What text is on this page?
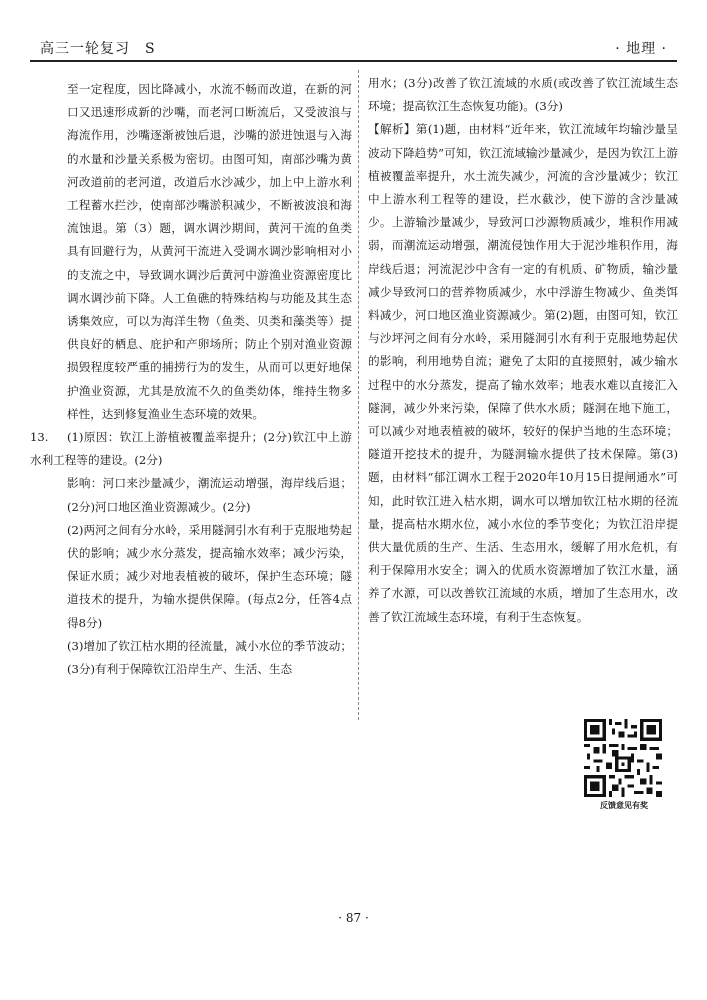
高三一轮复习　S	· 地理 ·

至一定程度，因比降减小，水流不畅而改道，在新的河口又迅速形成新的沙嘴，而老河口断流后，又受波浪与海流作用，沙嘴逐渐被蚀后退，沙嘴的淤进蚀退与入海的水量和沙量关系极为密切。由图可知，南部沙嘴为黄河改道前的老河道，改道后水沙减少，加上中上游水利工程蓄水拦沙，使南部沙嘴淤积减少，不断被波浪和海流蚀退。第（3）题，调水调沙期间，黄河干流的鱼类具有回避行为，从黄河干流进入受调水调沙影响相对小的支流之中，导致调水调沙后黄河中游渔业资源密度比调水调沙前下降。人工鱼礁的特殊结构与功能及其生态诱集效应，可以为海洋生物（鱼类、贝类和藻类等）提供良好的栖息、庇护和产卵场所；防止个别对渔业资源损毁程度较严重的捕捞行为的发生，从而可以更好地保护渔业资源，尤其是放流不久的鱼类幼体，维持生物多样性，达到修复渔业生态环境的效果。

13. (1)原因：钦江上游植被覆盖率提升；(2分)钦江中上游水利工程等的建设。(2分)

影响：河口来沙量减少，潮流运动增强，海岸线后退；(2分)河口地区渔业资源减少。(2分)

(2)两河之间有分水岭，采用隧洞引水有利于克服地势起伏的影响；减少水分蒸发，提高输水效率；减少污染，保证水质；减少对地表植被的破坏，保护生态环境；隧道技术的提升，为输水提供保障。(每点2分，任答4点得8分)

(3)增加了钦江枯水期的径流量，减小水位的季节波动；(3分)有利于保障钦江沿岸生产、生活、生态

用水；(3分)改善了钦江流域的水质(或改善了钦江流域生态环境；提高钦江生态恢复功能)。(3分)

【解析】第(1)题，由材料“近年来，钦江流域年均输沙量呈波动下降趋势”可知，钦江流域输沙量减少，是因为钦江上游植被覆盖率提升，水土流失减少，河流的含沙量减少；钦江中上游水利工程等的建设，拦水截沙，使下游的含沙量减少。上游输沙量减少，导致河口沙源物质减少，堆积作用减弱，而潮流运动增强，潮流侵蚀作用大于泥沙堆积作用，海岸线后退；河流泥沙中含有一定的有机质、矿物质，输沙量减少导致河口的营养物质减少，水中浮游生物减少、鱼类饵料减少，河口地区渔业资源减少。第(2)题，由图可知，钦江与沙坪河之间有分水岭，采用隧洞引水有利于克服地势起伏的影响，利用地势自流；避免了太阳的直接照射，减少输水过程中的水分蒸发，提高了输水效率；地表水难以直接汇入隧洞，减少外来污染，保障了供水水质；隧洞在地下施工，可以减少对地表植被的破坏，较好的保护当地的生态环境；隧道开挖技术的提升，为隧洞输水提供了技术保障。第(3)题，由材料“郁江调水工程于2020年10月15日提闸通水”可知，此时钦江进入枯水期，调水可以增加钦江枯水期的径流量，提高枯水期水位，减小水位的季节变化；为钦江沿岸提供大量优质的生产、生活、生态用水，缓解了用水危机，有利于保障用水安全；调入的优质水资源增加了钦江水量，涵养了水源，可以改善钦江流域的水质，增加了生态用水，改善了钦江流域生态环境，有利于生态恢复。

反馈意见有奖
· 87 ·
